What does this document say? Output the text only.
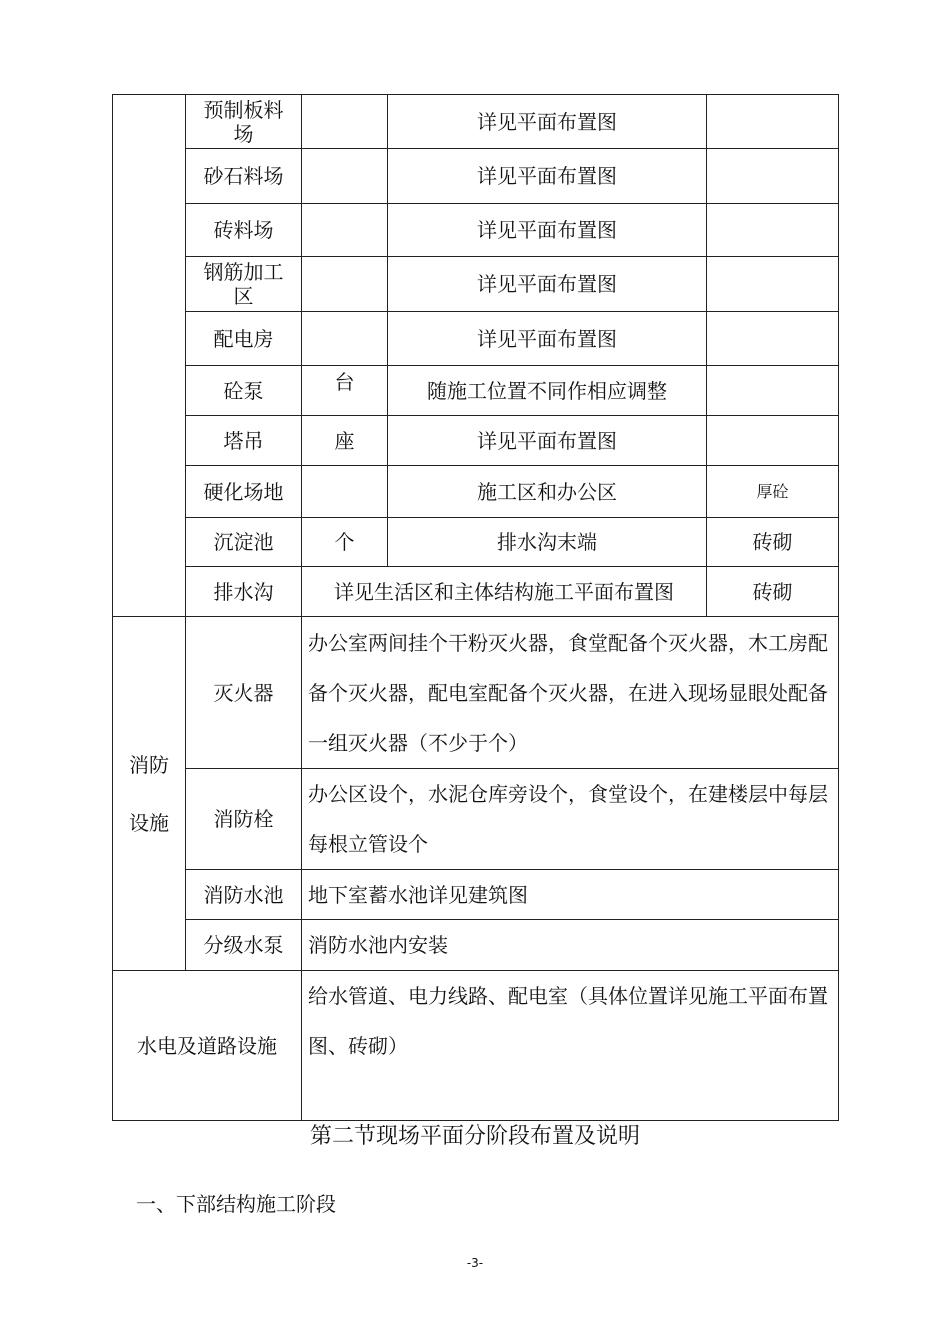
	预制板料场		详见平面布置图	
	砂石料场		详见平面布置图	
	砖料场		详见平面布置图	
	钢筋加工区		详见平面布置图	
	配电房		详见平面布置图	
	砼泵	台	随施工位置不同作相应调整	
	塔吊	座	详见平面布置图	
	硬化场地		施工区和办公区	厚砼
	沉淀池	个	排水沟末端	砖砌
	排水沟	详见生活区和主体结构施工平面布置图		砖砌
消防设施	灭火器	办公室两间挂个干粉灭火器，食堂配备个灭火器，木工房配备个灭火器，配电室配备个灭火器，在进入现场显眼处配备一组灭火器（不少于个）		
	消防栓	办公区设个，水泥仓库旁设个，食堂设个，在建楼层中每层每根立管设个		
	消防水池	地下室蓄水池详见建筑图		
	分级水泵	消防水池内安装		
水电及道路设施		给水管道、电力线路、配电室（具体位置详见施工平面布置图、砖砌）		
第二节现场平面分阶段布置及说明
一、下部结构施工阶段
-3-
